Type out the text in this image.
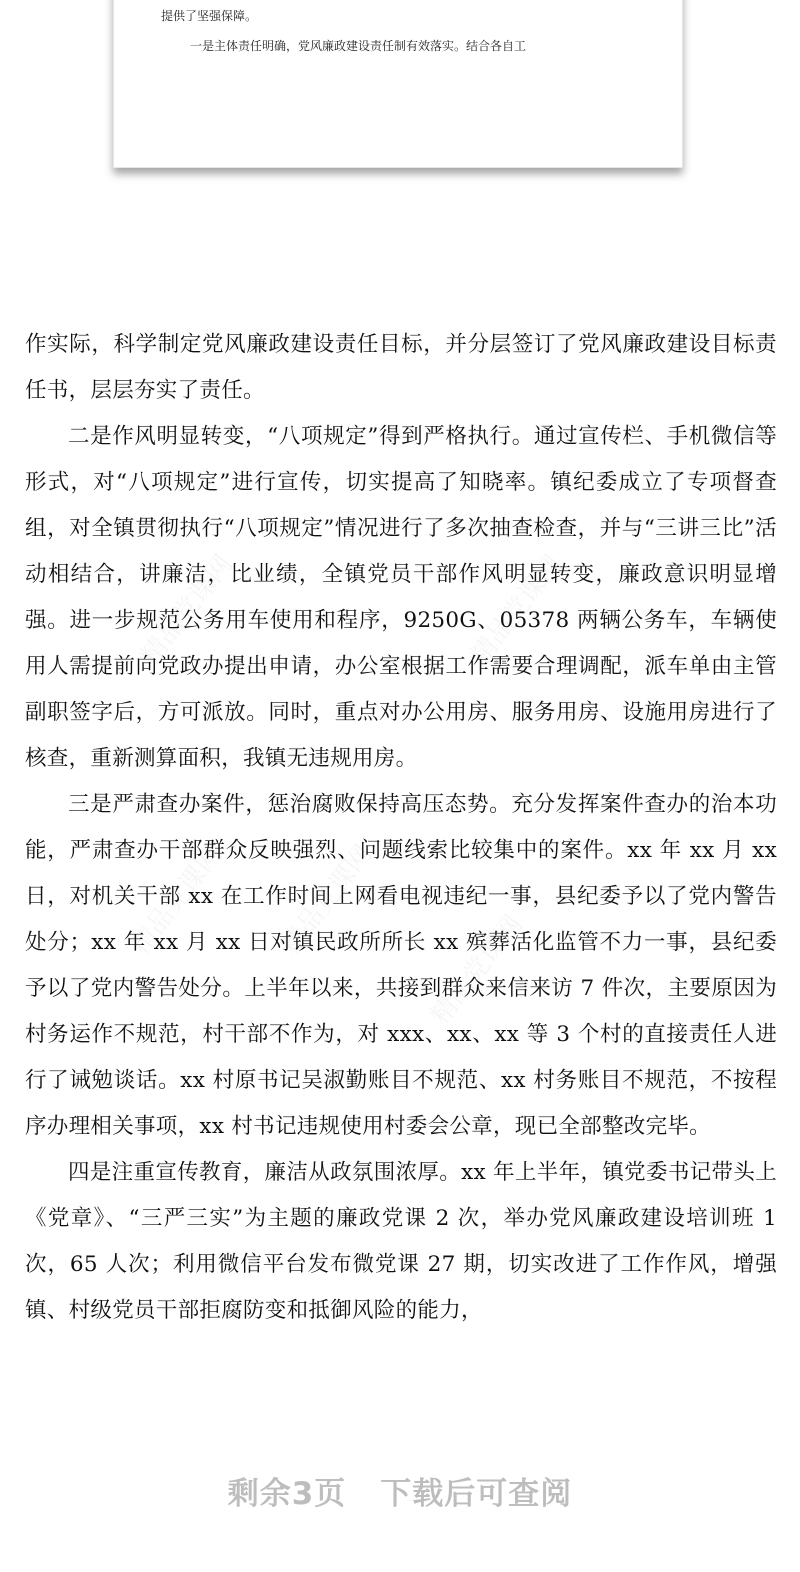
提供了坚强保障。
一是主体责任明确，党风廉政建设责任制有效落实。结合各自工
精品党课网	精品党课网
精品党课网
精品党课网
精品党课网

作实际，科学制定党风廉政建设责任目标，并分层签订了党风廉政建设目标责任书，层层夯实了责任。

二是作风明显转变，“八项规定”得到严格执行。通过宣传栏、手机微信等形式，对“八项规定”进行宣传，切实提高了知晓率。镇纪委成立了专项督查组，对全镇贯彻执行“八项规定”情况进行了多次抽查检查，并与“三讲三比”活动相结合，讲廉洁，比业绩，全镇党员干部作风明显转变，廉政意识明显增强。进一步规范公务用车使用和程序，9250G、05378 两辆公务车，车辆使用人需提前向党政办提出申请，办公室根据工作需要合理调配，派车单由主管副职签字后，方可派放。同时，重点对办公用房、服务用房、设施用房进行了核查，重新测算面积，我镇无违规用房。

三是严肃查办案件，惩治腐败保持高压态势。充分发挥案件查办的治本功能，严肃查办干部群众反映强烈、问题线索比较集中的案件。xx 年 xx 月 xx 日，对机关干部 xx 在工作时间上网看电视违纪一事，县纪委予以了党内警告处分；xx 年 xx 月 xx 日对镇民政所所长 xx 殡葬活化监管不力一事，县纪委予以了党内警告处分。上半年以来，共接到群众来信来访 7 件次，主要原因为村务运作不规范，村干部不作为，对 xxx、xx、xx 等 3 个村的直接责任人进行了诫勉谈话。xx 村原书记吴淑勤账目不规范、xx 村务账目不规范，不按程序办理相关事项，xx 村书记违规使用村委会公章，现已全部整改完毕。

四是注重宣传教育，廉洁从政氛围浓厚。xx 年上半年，镇党委书记带头上《党章》、“三严三实”为主题的廉政党课 2 次，举办党风廉政建设培训班 1 次，65 人次；利用微信平台发布微党课 27 期，切实改进了工作作风，增强镇、村级党员干部拒腐防变和抵御风险的能力，

剩余3页 下载后可查阅
